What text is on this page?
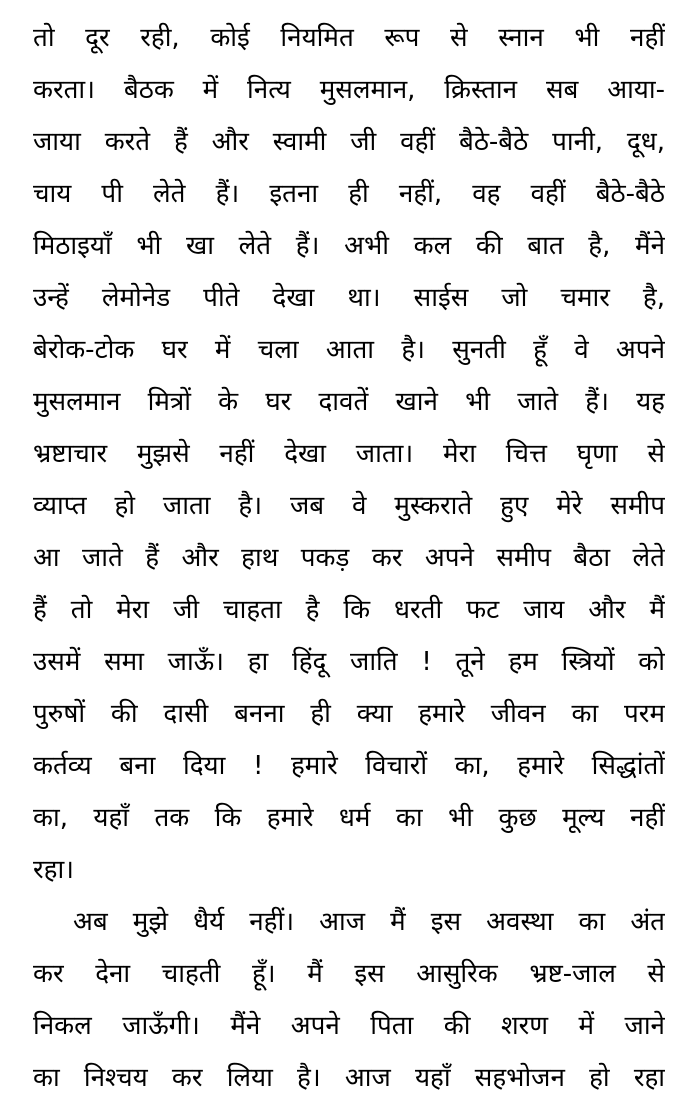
तो दूर रही, कोई नियमित रूप से स्नान भी नहीं
करता। बैठक में नित्य मुसलमान, क्रिस्तान सब आया-
जाया करते हैं और स्वामी जी वहीं बैठे-बैठे पानी, दूध,
चाय पी लेते हैं। इतना ही नहीं, वह वहीं बैठे-बैठे
मिठाइयाँ भी खा लेते हैं। अभी कल की बात है, मैंने
उन्हें लेमोनेड पीते देखा था। साईस जो चमार है,
बेरोक-टोक घर में चला आता है। सुनती हूँ वे अपने
मुसलमान मित्रों के घर दावतें खाने भी जाते हैं। यह
भ्रष्टाचार मुझसे नहीं देखा जाता। मेरा चित्त घृणा से
व्याप्त हो जाता है। जब वे मुस्कराते हुए मेरे समीप
आ जाते हैं और हाथ पकड़ कर अपने समीप बैठा लेते
हैं तो मेरा जी चाहता है कि धरती फट जाय और मैं
उसमें समा जाऊँ। हा हिंदू जाति ! तूने हम स्त्रियों को
पुरुषों की दासी बनना ही क्या हमारे जीवन का परम
कर्तव्य बना दिया ! हमारे विचारों का, हमारे सिद्धांतों
का, यहाँ तक कि हमारे धर्म का भी कुछ मूल्य नहीं
रहा।
अब मुझे धैर्य नहीं। आज मैं इस अवस्था का अंत
कर देना चाहती हूँ। मैं इस आसुरिक भ्रष्ट-जाल से
निकल जाऊँगी। मैंने अपने पिता की शरण में जाने
का निश्चय कर लिया है। आज यहाँ सहभोजन हो रहा
